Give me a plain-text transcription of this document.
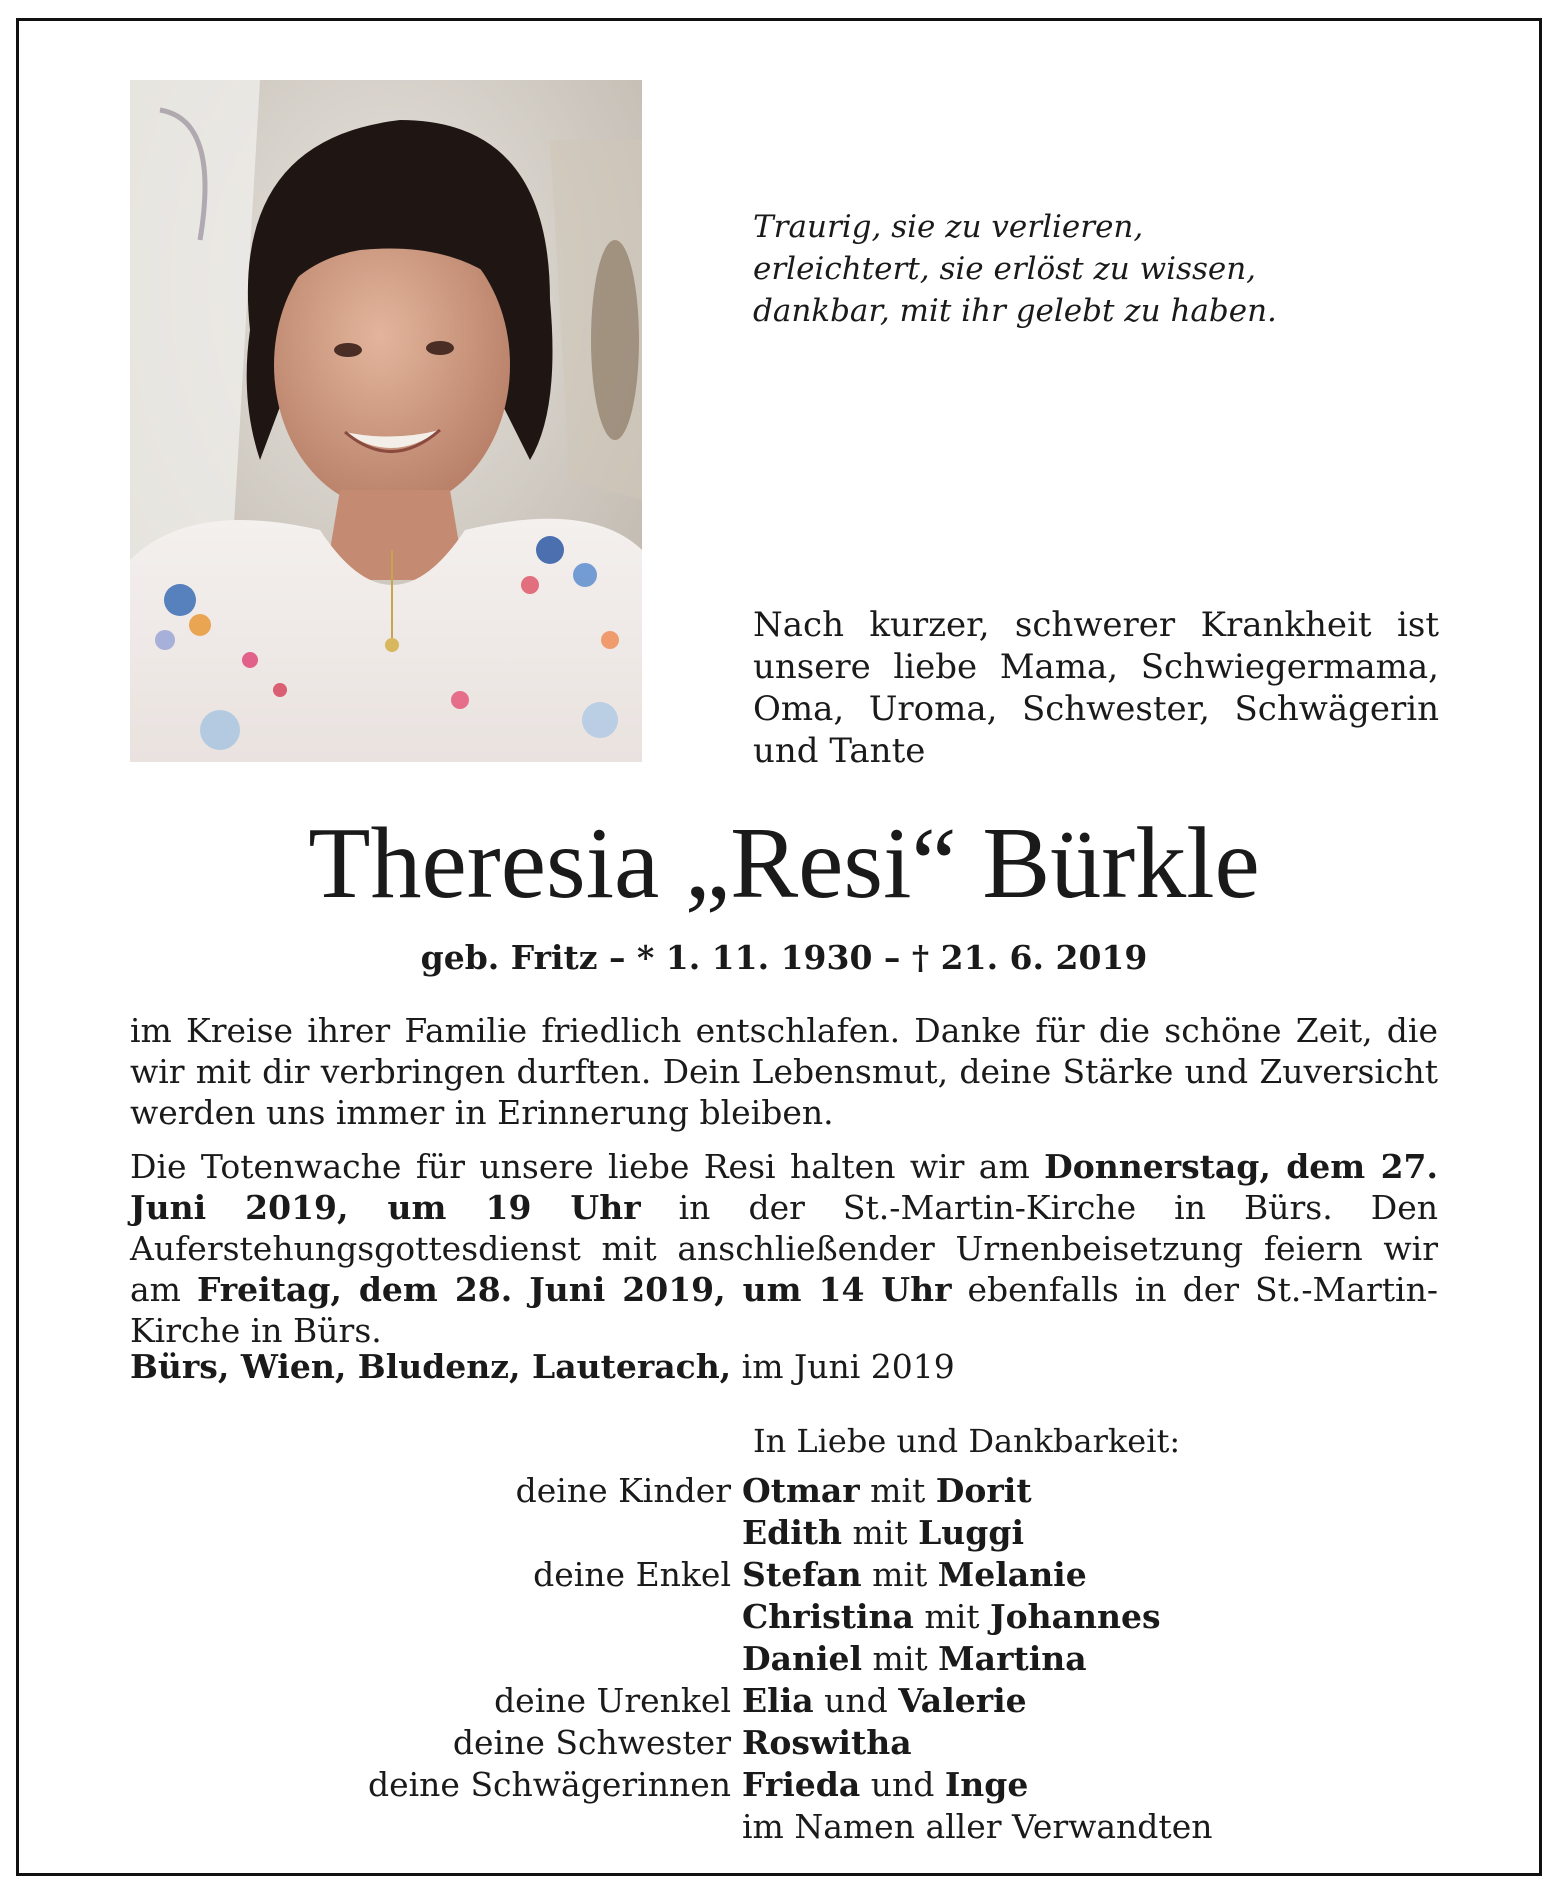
Traurig, sie zu verlieren,
erleichtert, sie erlöst zu wissen,
dankbar, mit ihr gelebt zu haben.
Nach kurzer, schwerer Krankheit ist unsere liebe Mama, Schwiegermama, Oma, Uroma, Schwester, Schwägerin und Tante
Theresia „Resi“ Bürkle
geb. Fritz – * 1. 11. 1930 – † 21. 6. 2019
im Kreise ihrer Familie friedlich entschlafen. Danke für die schöne Zeit, die wir mit dir verbringen durften. Dein Lebensmut, deine Stärke und Zuversicht werden uns immer in Erinnerung bleiben.
Die Totenwache für unsere liebe Resi halten wir am Donnerstag, dem 27. Juni 2019, um 19 Uhr in der St.-Martin-Kirche in Bürs. Den Auferstehungsgottesdienst mit anschließender Urnenbeisetzung feiern wir am Freitag, dem 28. Juni 2019, um 14 Uhr ebenfalls in der St.-Martin-Kirche in Bürs.
Bürs, Wien, Bludenz, Lauterach, im Juni 2019
In Liebe und Dankbarkeit:
deine Kinder Otmar mit Dorit
Edith mit Luggi
deine Enkel Stefan mit Melanie
Christina mit Johannes
Daniel mit Martina
deine Urenkel Elia und Valerie
deine Schwester Roswitha
deine Schwägerinnen Frieda und Inge
im Namen aller Verwandten
